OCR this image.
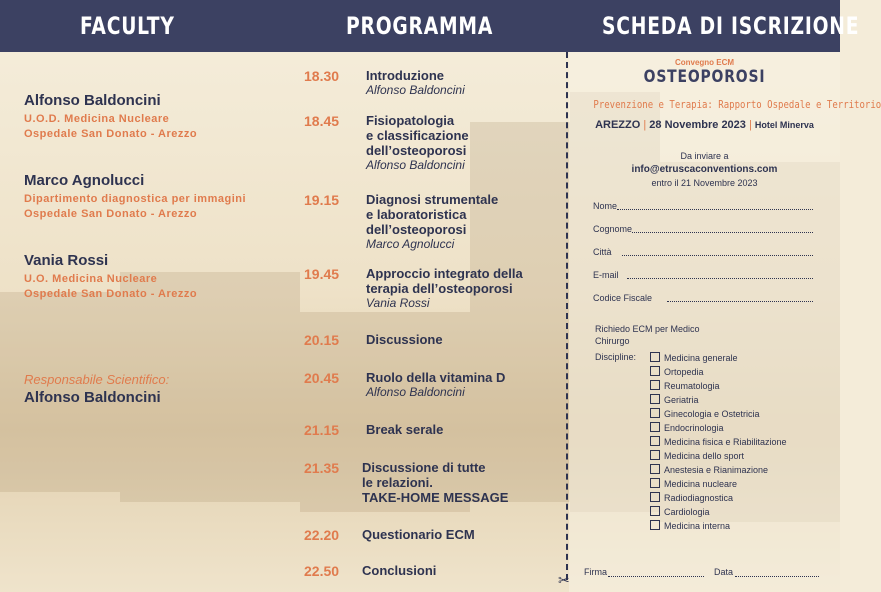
FACULTY	PROGRAMMA	SCHEDA DI ISCRIZIONE
Alfonso Baldoncini
U.O.D. Medicina Nucleare
Ospedale San Donato - Arezzo
Marco Agnolucci
Dipartimento diagnostica per immagini
Ospedale San Donato - Arezzo
Vania Rossi
U.O. Medicina Nucleare
Ospedale San Donato - Arezzo
Responsabile Scientifico:
Alfonso Baldoncini
18.30 Introduzione
Alfonso Baldoncini
18.45 Fisiopatologia
e classificazione
dell’osteoporosi
Alfonso Baldoncini
19.15 Diagnosi strumentale
e laboratoristica
dell’osteoporosi
Marco Agnolucci
19.45 Approccio integrato della
terapia dell’osteoporosi
Vania Rossi
20.15 Discussione
20.45 Ruolo della vitamina D
Alfonso Baldoncini
21.15 Break serale
21.35 Discussione di tutte
le relazioni.
TAKE-HOME MESSAGE
22.20 Questionario ECM
22.50 Conclusioni
✂
Convegno ECM
OSTEOPOROSI
Prevenzione e Terapia: Rapporto Ospedale e Territorio
AREZZO | 28 Novembre 2023 | Hotel Minerva
Da inviare a
info@etruscaconventions.com
entro il 21 Novembre 2023
Nome
Cognome
Città
E-mail
Codice Fiscale
Richiedo ECM per Medico Chirurgo
Discipline:	Medicina generale
Ortopedia
Reumatologia
Geriatria
Ginecologia e Ostetricia
Endocrinologia
Medicina fisica e Riabilitazione
Medicina dello sport
Anestesia e Rianimazione
Medicina nucleare
Radiodiagnostica
Cardiologia
Medicina interna
Firma	Data
